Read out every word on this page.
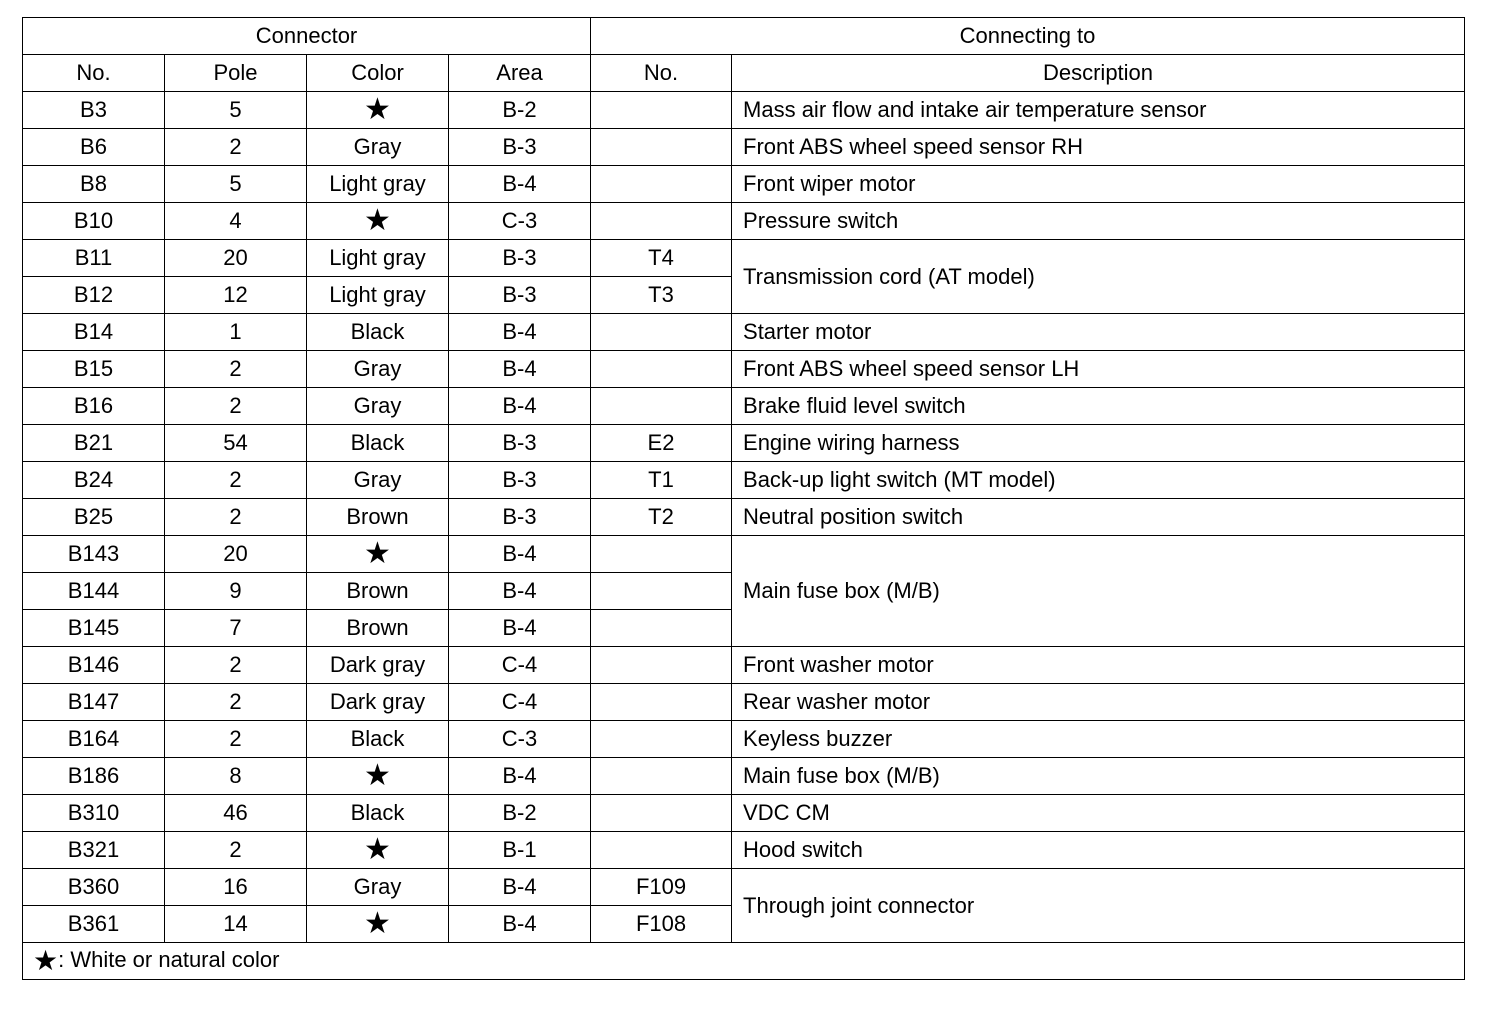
Connector				Connecting to	
No.	Pole	Color	Area	No.	Description
B3	5	★	B-2		Mass air flow and intake air temperature sensor
B6	2	Gray	B-3		Front ABS wheel speed sensor RH
B8	5	Light gray	B-4		Front wiper motor
B10	4	★	C-3		Pressure switch
B11	20	Light gray	B-3	T4	Transmission cord (AT model)
B12	12	Light gray	B-3	T3	
B14	1	Black	B-4		Starter motor
B15	2	Gray	B-4		Front ABS wheel speed sensor LH
B16	2	Gray	B-4		Brake fluid level switch
B21	54	Black	B-3	E2	Engine wiring harness
B24	2	Gray	B-3	T1	Back-up light switch (MT model)
B25	2	Brown	B-3	T2	Neutral position switch
B143	20	★	B-4		Main fuse box (M/B)
B144	9	Brown	B-4		
B145	7	Brown	B-4		
B146	2	Dark gray	C-4		Front washer motor
B147	2	Dark gray	C-4		Rear washer motor
B164	2	Black	C-3		Keyless buzzer
B186	8	★	B-4		Main fuse box (M/B)
B310	46	Black	B-2		VDC CM
B321	2	★	B-1		Hood switch
B360	16	Gray	B-4	F109	Through joint connector
B361	14	★	B-4	F108	
★: White or natural color					
